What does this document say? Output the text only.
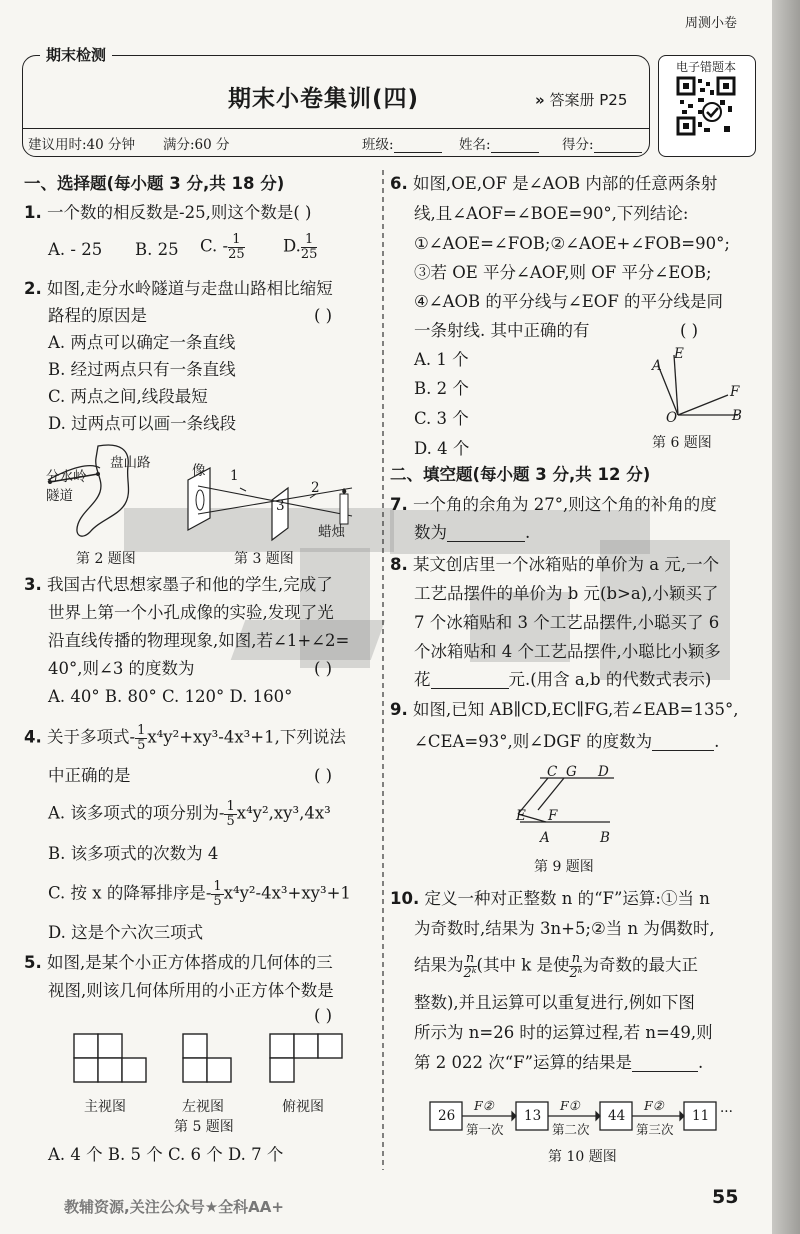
周测小卷
期末检测
期末小卷集训(四)	» 答案册 P25
建议用时:40 分钟 满分:60 分	班级:	姓名:	得分:
电子错题本
一、选择题(每小题 3 分,共 18 分)
1. 一个数的相反数是-25,则这个数是( )
A. - 25 B. 25 C. - $\frac{1}{25} D$. $\frac{1}{25}$
2. 如图,走分水岭隧道与走盘山路相比缩短
路程的原因是	( )
A. 两点可以确定一条直线
B. 经过两点只有一条直线
C. 两点之间,线段最短
D. 过两点可以画一条线段
盘山路
分水岭
隧道
第 2 题图
像 1
2
3
蜡烛
第 3 题图
3. 我国古代思想家墨子和他的学生,完成了
世界上第一个小孔成像的实验,发现了光
沿直线传播的物理现象,如图,若∠1+∠2=
40°,则∠3 的度数为	( )
A. 40° B. 80° C. 120° D. 160°
4. 关于多项式- $\frac{1}{5} x^4y^2+xy^3-4x^3+1$,下列说法
中正确的是	( )
A. 该多项式的项分别为- $\frac{1}{5} x^4y^2,xy^3,4x^3$
B. 该多项式的次数为 4
C. 按 x 的降幂排序是- $\frac{1}{5} x^4y^2-4x^3+xy^3+1$
D. 这是个六次三项式
5. 如图,是某个小正方体搭成的几何体的三
视图,则该几何体所用的小正方体个数是
( )
主视图	左视图	俯视图
第 5 题图
A. 4 个 B. 5 个 C. 6 个 D. 7 个
6. 如图,OE,OF 是∠AOB 内部的任意两条射
线,且∠AOF=∠BOE=90°,下列结论:
①∠AOE=∠FOB;②∠AOE+∠FOB=90°;
③若 OE 平分∠AOF,则 OF 平分∠EOB;
④∠AOB 的平分线与∠EOF 的平分线是同
一条射线. 其中正确的有	( )
A. 1 个
B. 2 个
C. 3 个
D. 4 个
A
E
F
O	B
第 6 题图
二、填空题(每小题 3 分,共 12 分)
7. 一个角的余角为 27°,则这个角的补角的度
数为	.
8. 某文创店里一个冰箱贴的单价为 a 元,一个
工艺品摆件的单价为 b 元(b>a),小颖买了
7 个冰箱贴和 3 个工艺品摆件,小聪买了 6
个冰箱贴和 4 个工艺品摆件,小聪比小颖多
花	元.(用含 a,b 的代数式表示)
9. 如图,已知 AB∥CD,EC∥FG,若∠EAB=135°,
∠CEA=93°,则∠DGF 的度数为	.
C G D
E F
A	B
第 9 题图
10. 定义一种对正整数 n 的“F”运算:①当 n
为奇数时,结果为 3n+5;②当 n 为偶数时,
结果为 $\frac{n}{\text{2ᵏ}}$ (其中 k 是使 $\frac{n}{\text{2ᵏ}}$ 为奇数的最大正
整数),并且运算可以重复进行,例如下图
所示为 n=26 时的运算过程,若 n=49,则
第 2 022 次“F”运算的结果是	.
26	13	44	11
F②	F①	F②
第一次	第二次	第三次
···
第 10 题图
教辅资源,关注公众号★全科AA+	55
